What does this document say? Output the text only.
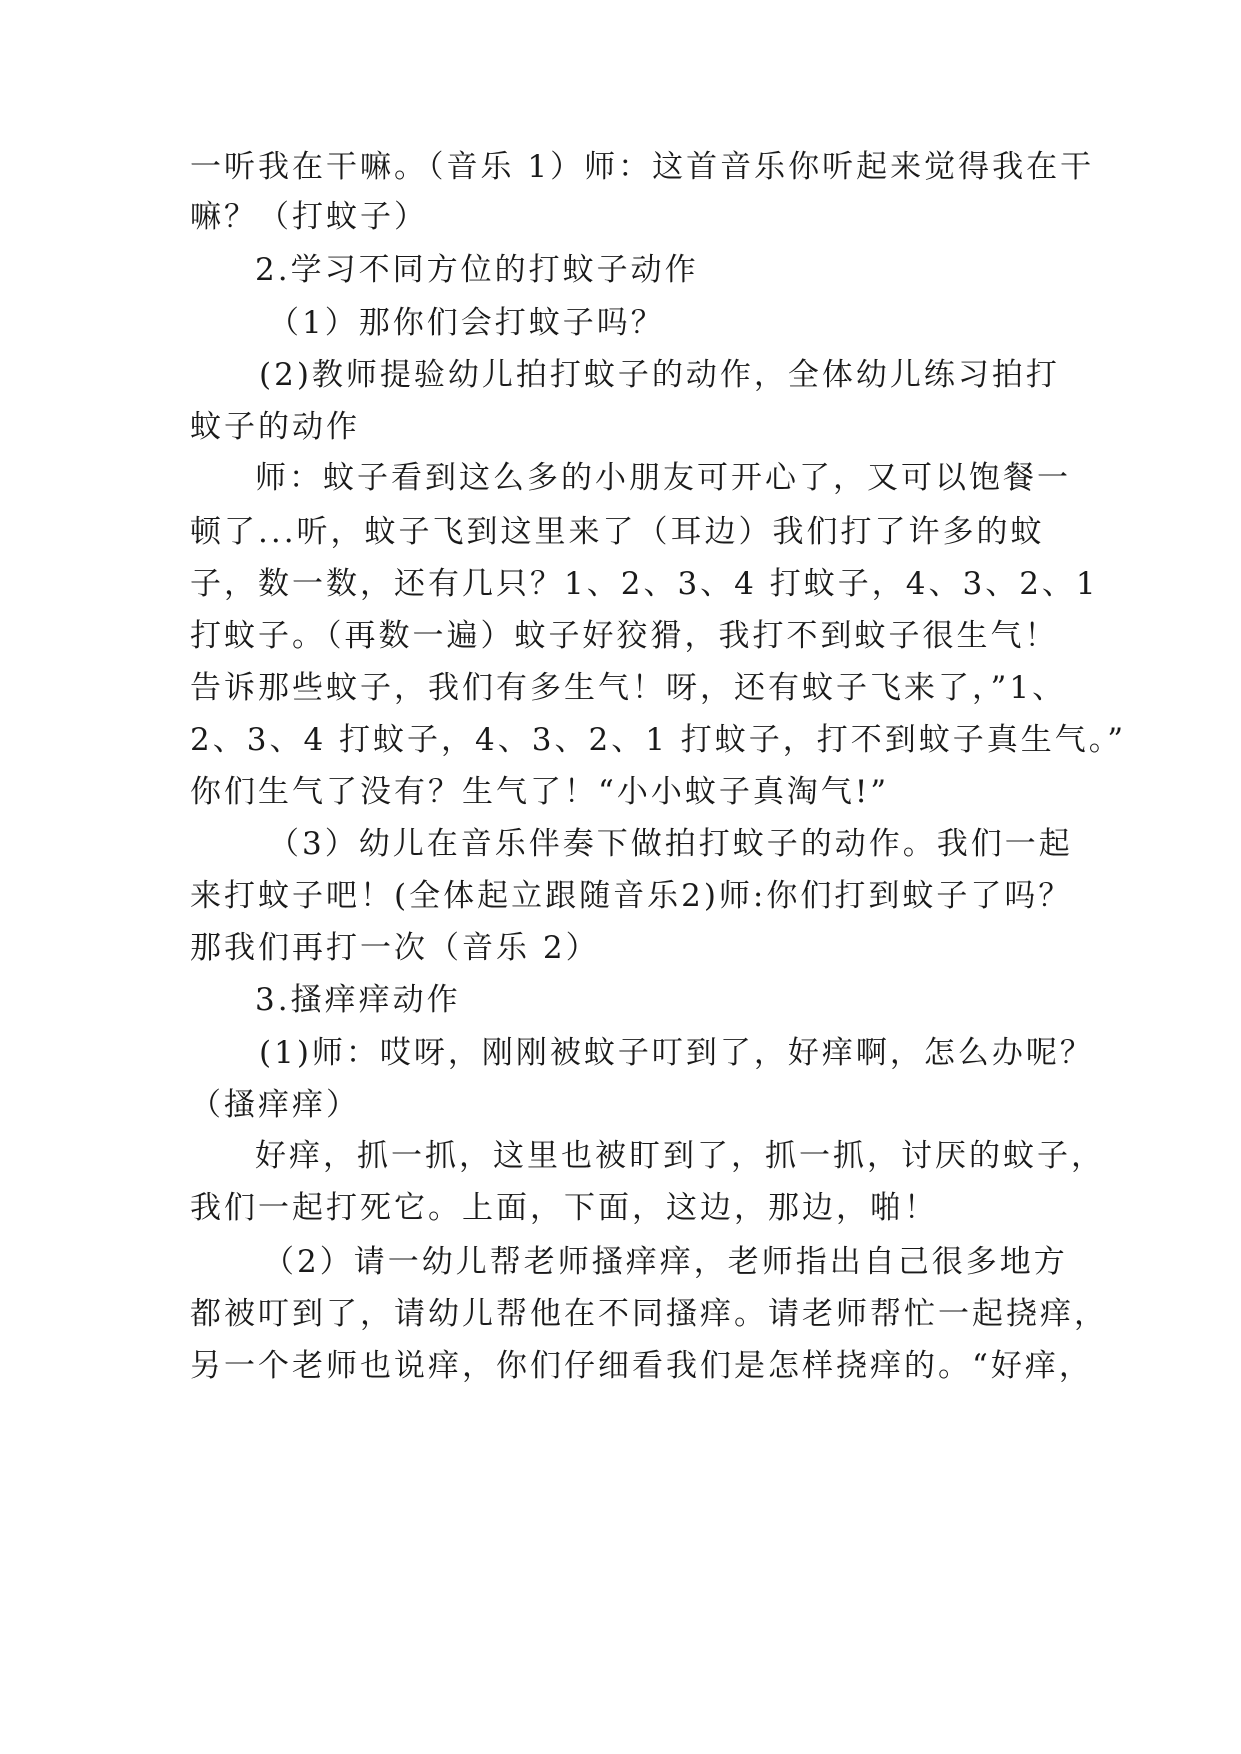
一听我在干嘛。（音乐 1）师：这首音乐你听起来觉得我在干
嘛？（打蚊子）
2.学习不同方位的打蚊子动作
（1）那你们会打蚊子吗？
(2)教师提验幼儿拍打蚊子的动作，全体幼儿练习拍打
蚊子的动作
师：蚊子看到这么多的小朋友可开心了，又可以饱餐一
顿了...听，蚊子飞到这里来了（耳边）我们打了许多的蚊
子，数一数，还有几只？1、2、3、4 打蚊子，4、3、2、1
打蚊子。（再数一遍）蚊子好狡猾，我打不到蚊子很生气！
告诉那些蚊子，我们有多生气！呀，还有蚊子飞来了，”1、
2、3、4 打蚊子，4、3、2、1 打蚊子，打不到蚊子真生气。”
你们生气了没有？生气了！“小小蚊子真淘气!”
（3）幼儿在音乐伴奏下做拍打蚊子的动作。我们一起
来打蚊子吧！(全体起立跟随音乐2)师:你们打到蚊子了吗？
那我们再打一次（音乐 2）
3.搔痒痒动作
(1)师：哎呀，刚刚被蚊子叮到了，好痒啊，怎么办呢？
（搔痒痒）
好痒，抓一抓，这里也被盯到了，抓一抓，讨厌的蚊子，
我们一起打死它。上面，下面，这边，那边，啪！
（2）请一幼儿帮老师搔痒痒，老师指出自己很多地方
都被叮到了，请幼儿帮他在不同搔痒。请老师帮忙一起挠痒，
另一个老师也说痒，你们仔细看我们是怎样挠痒的。“好痒，
